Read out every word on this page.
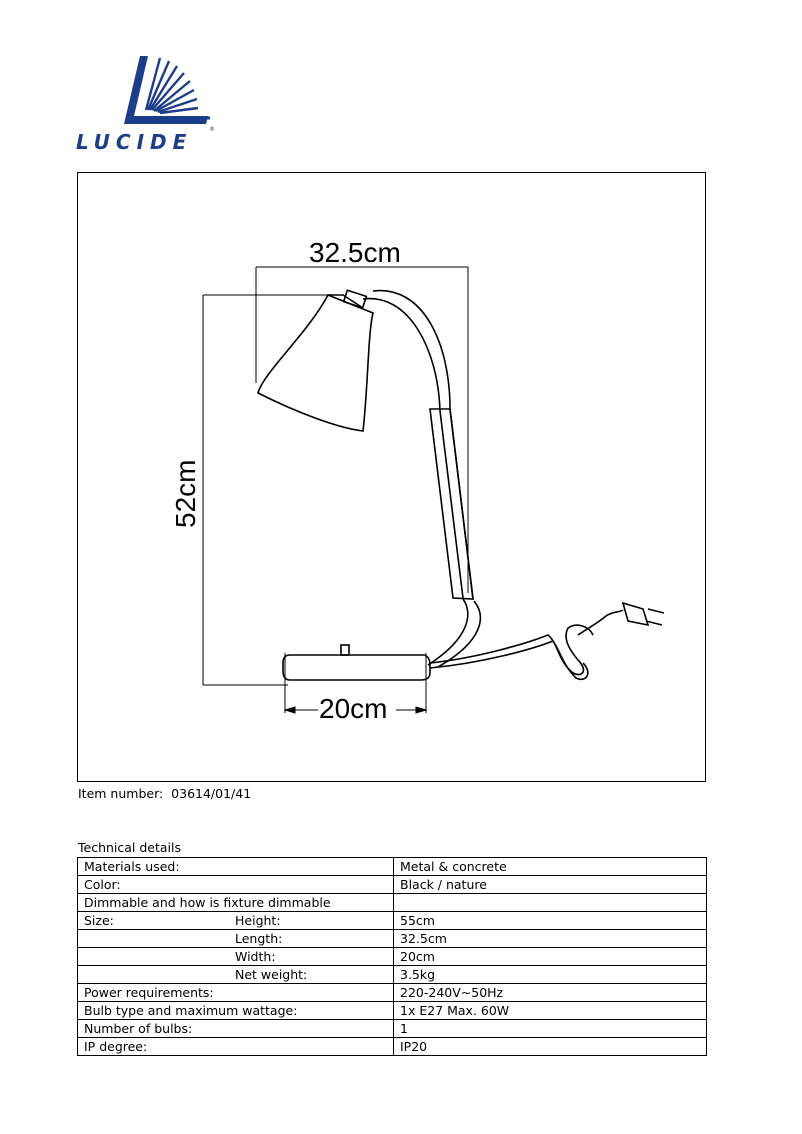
LUCIDE
®
32.5cm
52cm
20cm
Item number: 03614/01/41
Technical details
Materials used:		Metal & concrete
Color:		Black / nature
Dimmable and how is fixture dimmable		
Size:	Height:	55cm
	Length:	32.5cm
	Width:	20cm
	Net weight:	3.5kg
Power requirements:		220-240V~50Hz
Bulb type and maximum wattage:		1x E27 Max. 60W
Number of bulbs:		1
IP degree:		IP20
